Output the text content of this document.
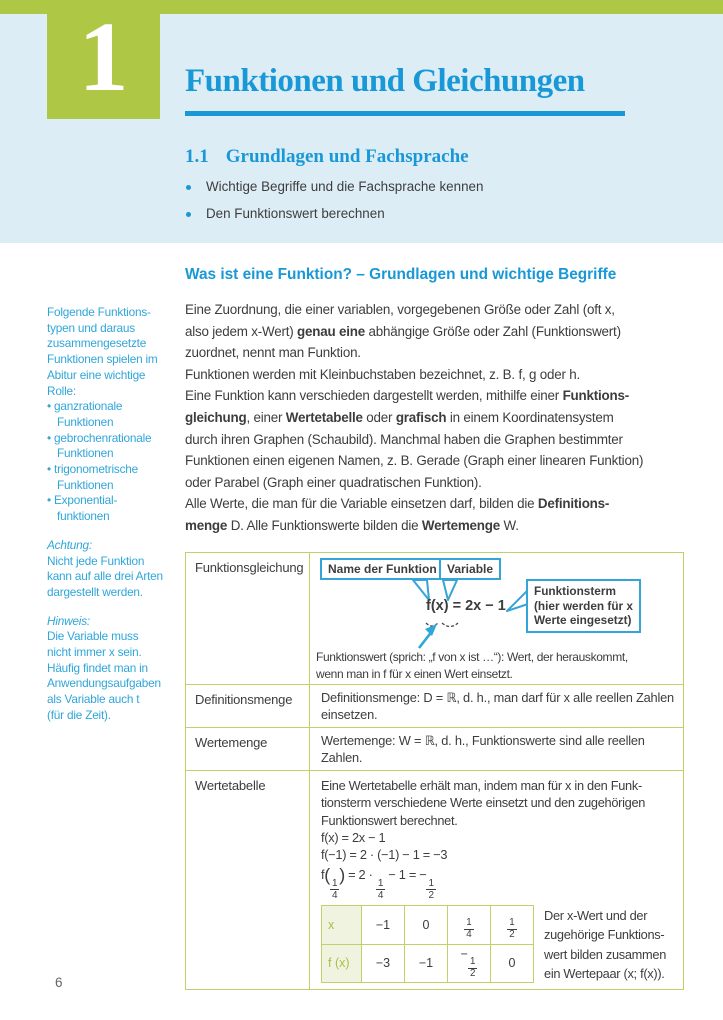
1 Funktionen und Gleichungen
1.1 Grundlagen und Fachsprache
Wichtige Begriffe und die Fachsprache kennen
Den Funktionswert berechnen
Folgende Funktions-
typen und daraus
zusammengesetzte
Funktionen spielen im
Abitur eine wichtige
Rolle:
• ganzrationale
Funktionen
• gebrochenrationale
Funktionen
• trigonometrische
Funktionen
• Exponential-
funktionen
Achtung:
Nicht jede Funktion
kann auf alle drei Arten
dargestellt werden.
Hinweis:
Die Variable muss
nicht immer x sein.
Häufig findet man in
Anwendungsaufgaben
als Variable auch t
(für die Zeit).
Was ist eine Funktion? – Grundlagen und wichtige Begriffe
Eine Zuordnung, die einer variablen, vorgegebenen Größe oder Zahl (oft x,
also jedem x-Wert) genau eine abhängige Größe oder Zahl (Funktionswert)
zuordnet, nennt man Funktion.
Funktionen werden mit Kleinbuchstaben bezeichnet, z. B. f, g oder h.
Eine Funktion kann verschieden dargestellt werden, mithilfe einer Funktions-
gleichung, einer Wertetabelle oder grafisch in einem Koordinatensystem
durch ihren Graphen (Schaubild). Manchmal haben die Graphen bestimmter
Funktionen einen eigenen Namen, z. B. Gerade (Graph einer linearen Funktion)
oder Parabel (Graph einer quadratischen Funktion).
Alle Werte, die man für die Variable einsetzen darf, bilden die Definitions-
menge D. Alle Funktionswerte bilden die Wertemenge W.
Funktionsgleichung	Name der Funktion Variable
Funktionsterm
(hier werden für x
Werte eingesetzt)
f(x) = 2x − 1
Funktionswert (sprich: „f von x ist …“): Wert, der herauskommt,
wenn man in f für x einen Wert einsetzt.
Definitionsmenge	Definitionsmenge: D = ℝ, d. h., man darf für x alle reellen Zahlen einsetzen.
Wertemenge	Wertemenge: W = ℝ, d. h., Funktionswerte sind alle reellen Zahlen.
Wertetabelle	Eine Wertetabelle erhält man, indem man für x in den Funk-
tionsterm verschiedene Werte einsetzt und den zugehörigen
Funktionswert berechnet.
f(x) = 2x − 1
f(−1) = 2 · (−1) − 1 = −3
f(
$\frac{1}{4}$
) = 2 ·
$\frac{1}{4}$
− 1 = −
$\frac{1}{2}$
x	−1	0	$\frac{1}{4}$	$\frac{1}{2}$

f (x)	−3	−1	−
$\frac{1}{2}$	0
Der x-Wert und der
zugehörige Funktions-
wert bilden zusammen
ein Wertepaar (x; f(x)).
6
